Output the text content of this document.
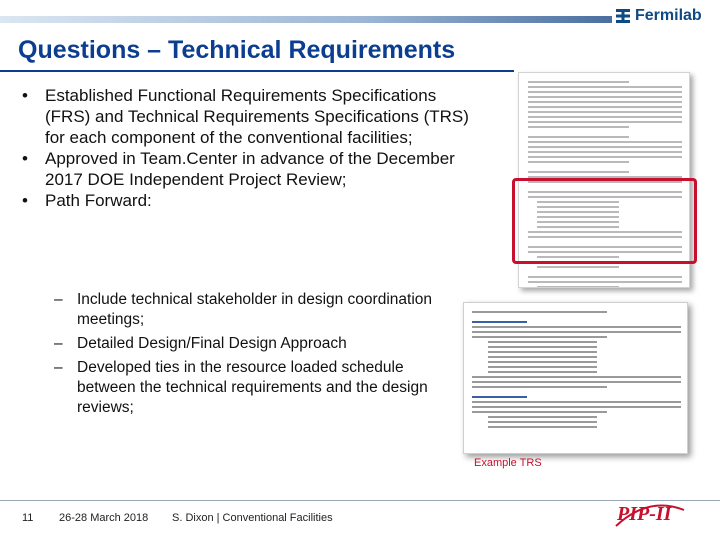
Fermilab
Questions – Technical Requirements
•	Established Functional Requirements Specifications (FRS) and Technical Requirements Specifications (TRS) for each component of the conventional facilities;
•	Approved in Team.Center in advance of the December 2017 DOE Independent Project Review;
•	Path Forward:
– Include technical stakeholder in design coordination meetings;
– Detailed Design/Final Design Approach
– Developed ties in the resource loaded schedule between the technical requirements and the design reviews;
Example TRS
11 26-28 March 2018 S. Dixon | Conventional Facilities	PIP-II
